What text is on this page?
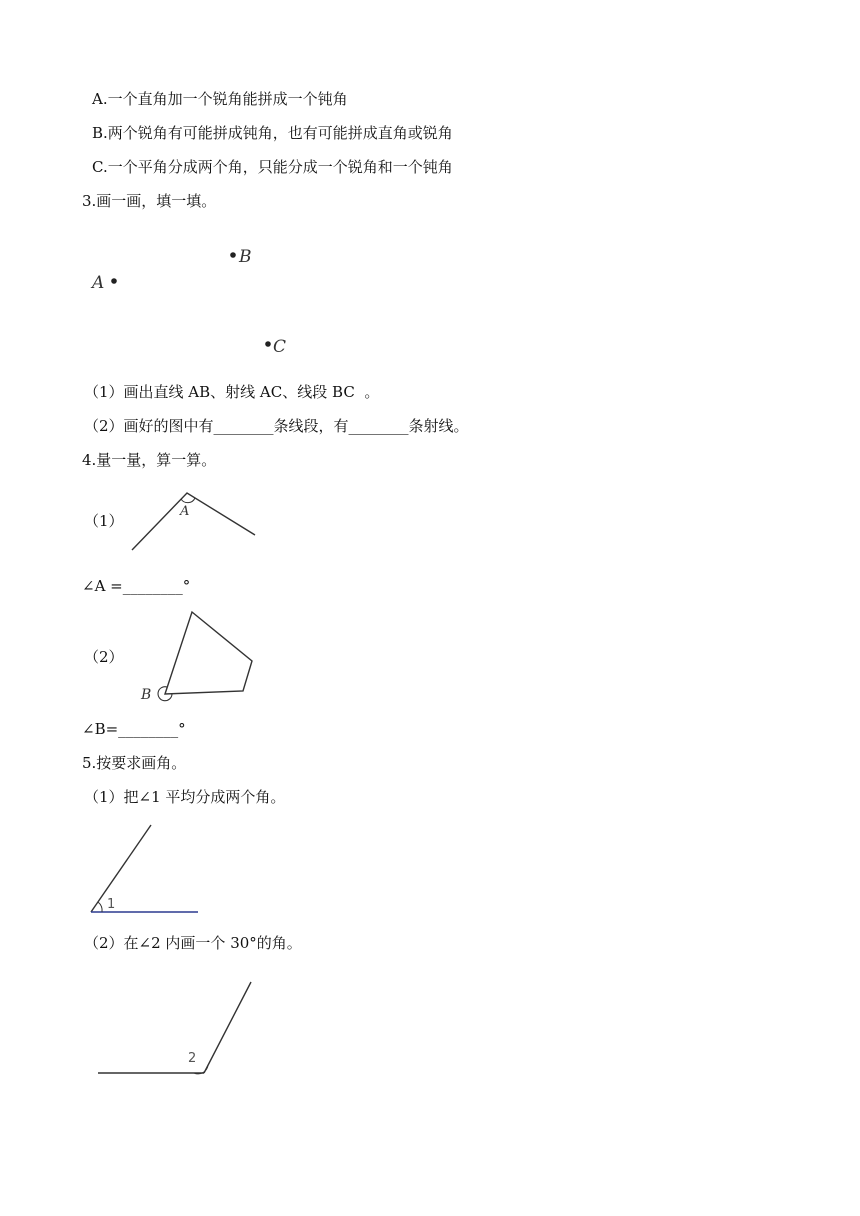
A.一个直角加一个锐角能拼成一个钝角
B.两个锐角有可能拼成钝角，也有可能拼成直角或锐角
C.一个平角分成两个角，只能分成一个锐角和一个钝角
3.画一画，填一填。
A
B
C
（1）画出直线 AB、射线 AC、线段 BC  。
（2）画好的图中有________条线段，有________条射线。
4.量一量，算一算。
（1）
A
∠A =________°
（2）
B
∠B=________°
5.按要求画角。
（1）把∠1 平均分成两个角。
1
（2）在∠2 内画一个 30°的角。
2
